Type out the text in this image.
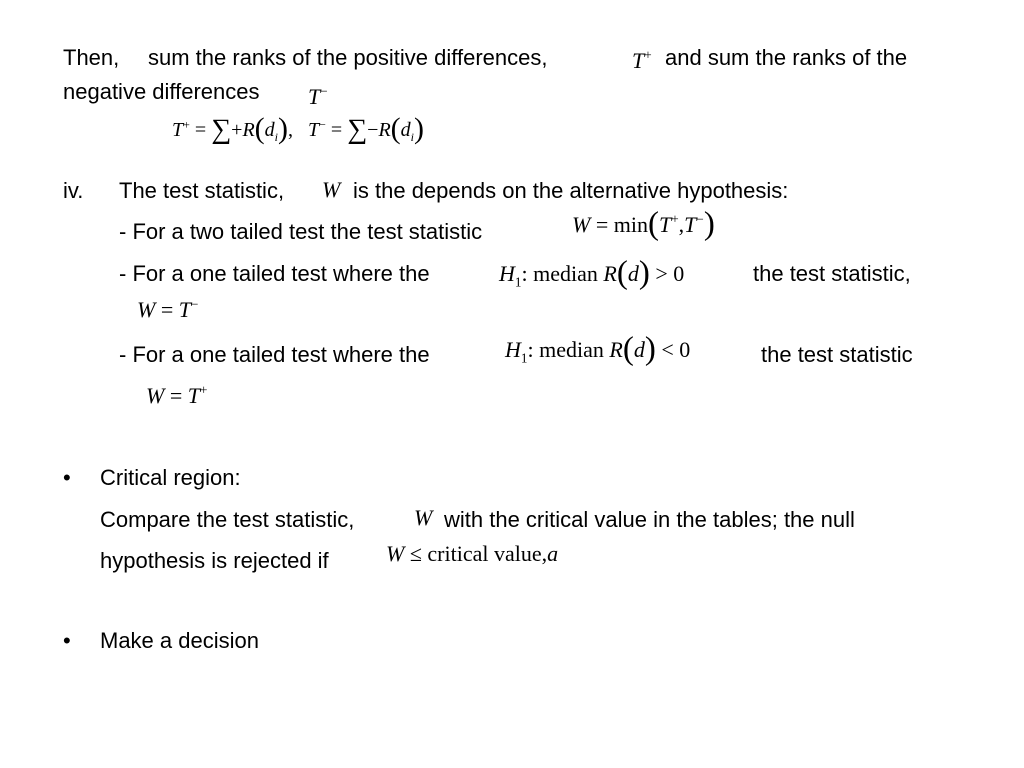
Then, sum the ranks of the positive differences,	T+ and sum the ranks of the
negative differences T−
$T^+ = \sum+R(d_i)$,   $T^- = \sum-R(d_i)$
iv. The test statistic, W is the depends on the alternative hypothesis:
- For a two tailed test the test statistic	W = min(T+,T−)
- For a one tailed test where the	$H_1$: median R(d) > 0	the test statistic,
W = T−
- For a one tailed test where the	$H_1$: median R(d) < 0	the test statistic
W = T+
• Critical region:
Compare the test statistic,	W with the critical value in the tables; the null
hypothesis is rejected if	W ≤ critical value,a
• Make a decision
